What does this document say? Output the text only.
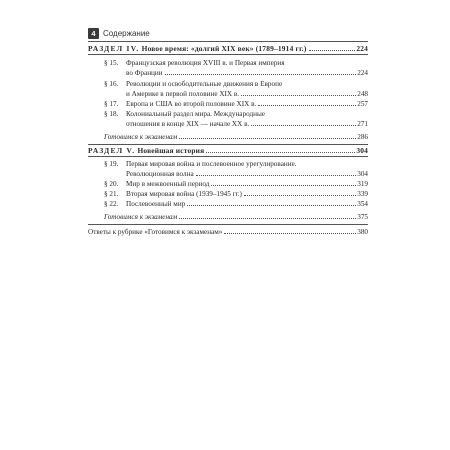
4 Содержание
РАЗДЕЛ IV. Новое время: «долгий XIX век» (1789–1914 гг.)	224
§ 15. Французская революция XVIII в. и Первая империя
во Франции	224
§ 16. Революции и освободительные движения в Европе
и Америке в первой половине XIX в.	248
§ 17. Европа и США во второй половине XIX в.	257
§ 18. Колониальный раздел мира. Международные
отношения в конце XIX — начале XX в.	271
Готовимся к экзаменам	286
РАЗДЕЛ V. Новейшая история	304
§ 19. Первая мировая война и послевоенное урегулирование.
Революционная волна	304
§ 20. Мир в межвоенный период	319
§ 21. Вторая мировая война (1939–1945 гг.)	339
§ 22. Послевоенный мир	354
Готовимся к экзаменам	375
Ответы к рубрике «Готовимся к экзаменам»	380
